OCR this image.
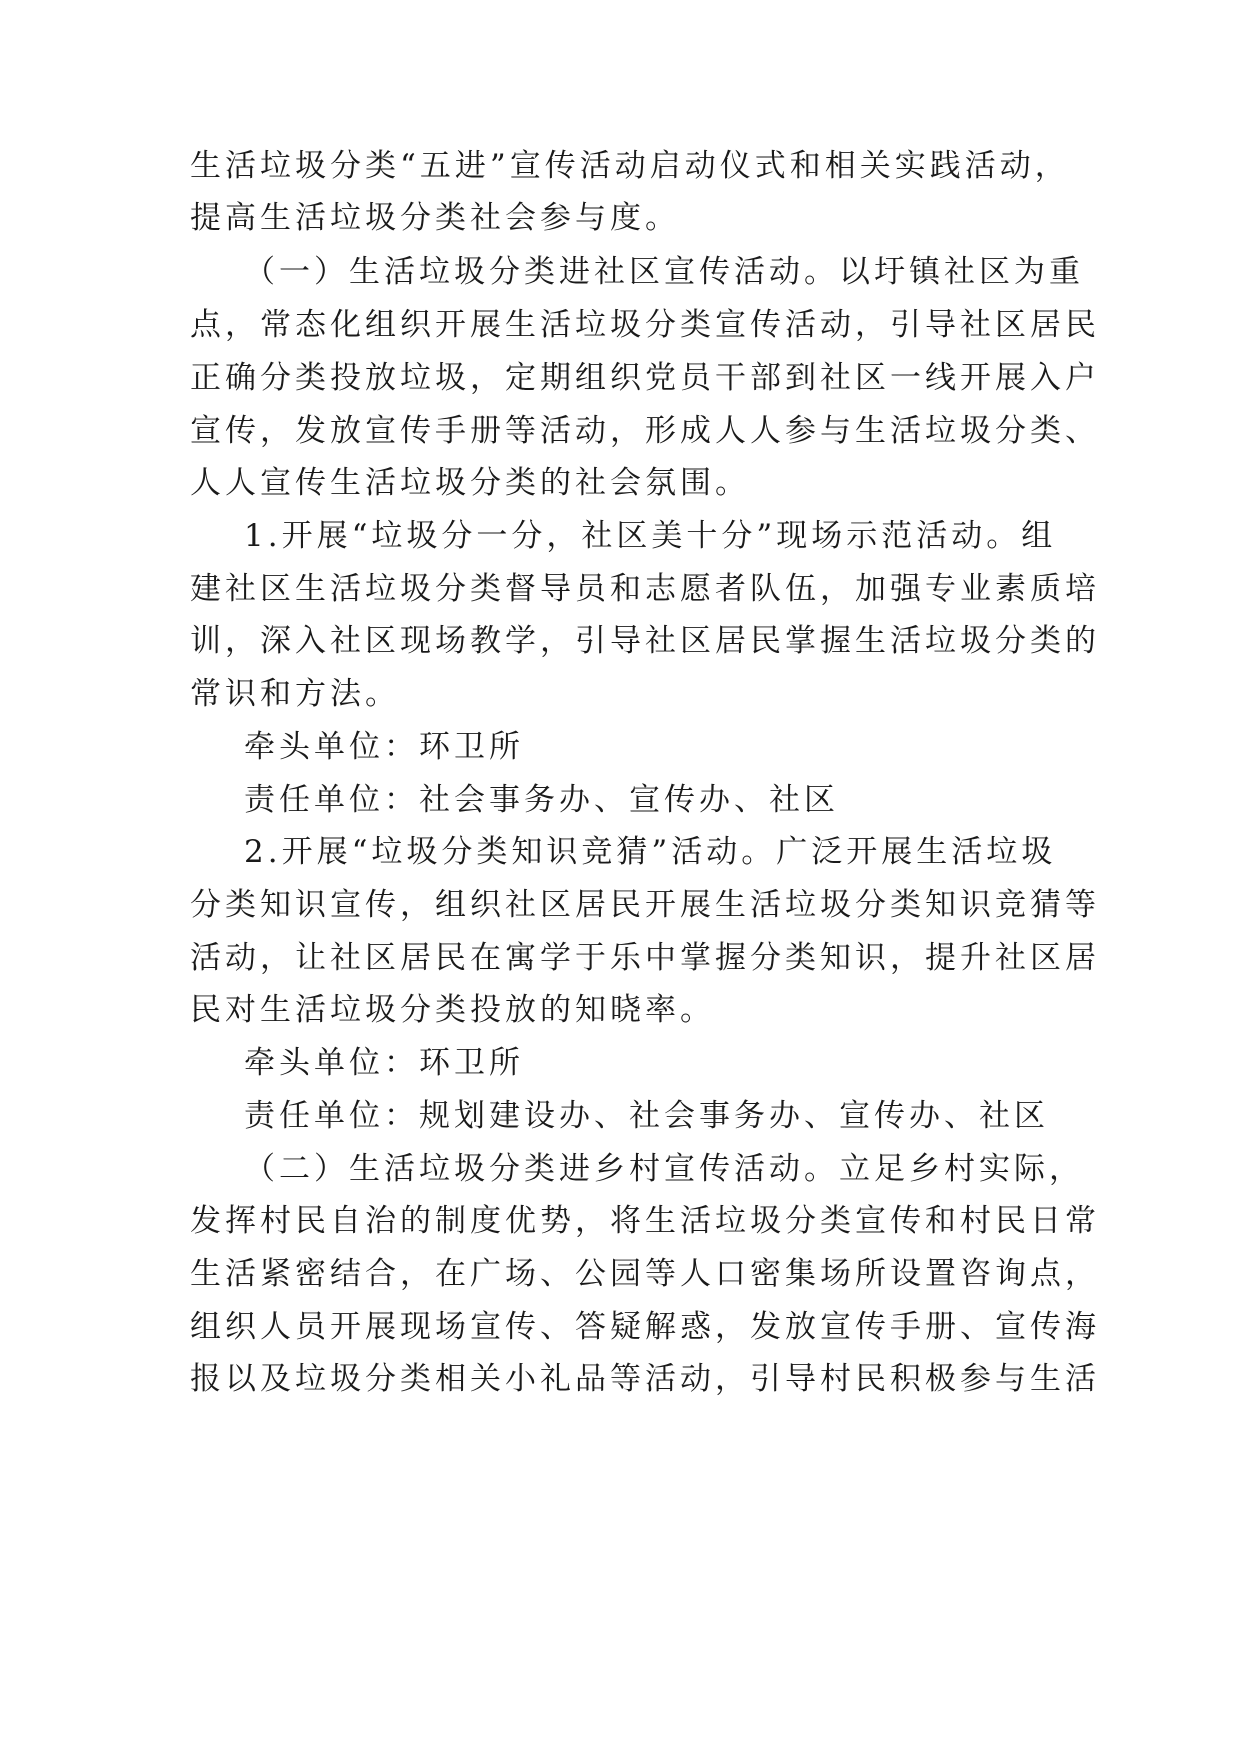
生活垃圾分类“五进”宣传活动启动仪式和相关实践活动，
提高生活垃圾分类社会参与度。
（一）生活垃圾分类进社区宣传活动。以圩镇社区为重
点，常态化组织开展生活垃圾分类宣传活动，引导社区居民
正确分类投放垃圾，定期组织党员干部到社区一线开展入户
宣传，发放宣传手册等活动，形成人人参与生活垃圾分类、
人人宣传生活垃圾分类的社会氛围。
1.开展“垃圾分一分，社区美十分”现场示范活动。组
建社区生活垃圾分类督导员和志愿者队伍，加强专业素质培
训，深入社区现场教学，引导社区居民掌握生活垃圾分类的
常识和方法。
牵头单位：环卫所
责任单位：社会事务办、宣传办、社区
2.开展“垃圾分类知识竞猜”活动。广泛开展生活垃圾
分类知识宣传，组织社区居民开展生活垃圾分类知识竞猜等
活动，让社区居民在寓学于乐中掌握分类知识，提升社区居
民对生活垃圾分类投放的知晓率。
牵头单位：环卫所
责任单位：规划建设办、社会事务办、宣传办、社区
（二）生活垃圾分类进乡村宣传活动。立足乡村实际，
发挥村民自治的制度优势，将生活垃圾分类宣传和村民日常
生活紧密结合，在广场、公园等人口密集场所设置咨询点，
组织人员开展现场宣传、答疑解惑，发放宣传手册、宣传海
报以及垃圾分类相关小礼品等活动，引导村民积极参与生活
